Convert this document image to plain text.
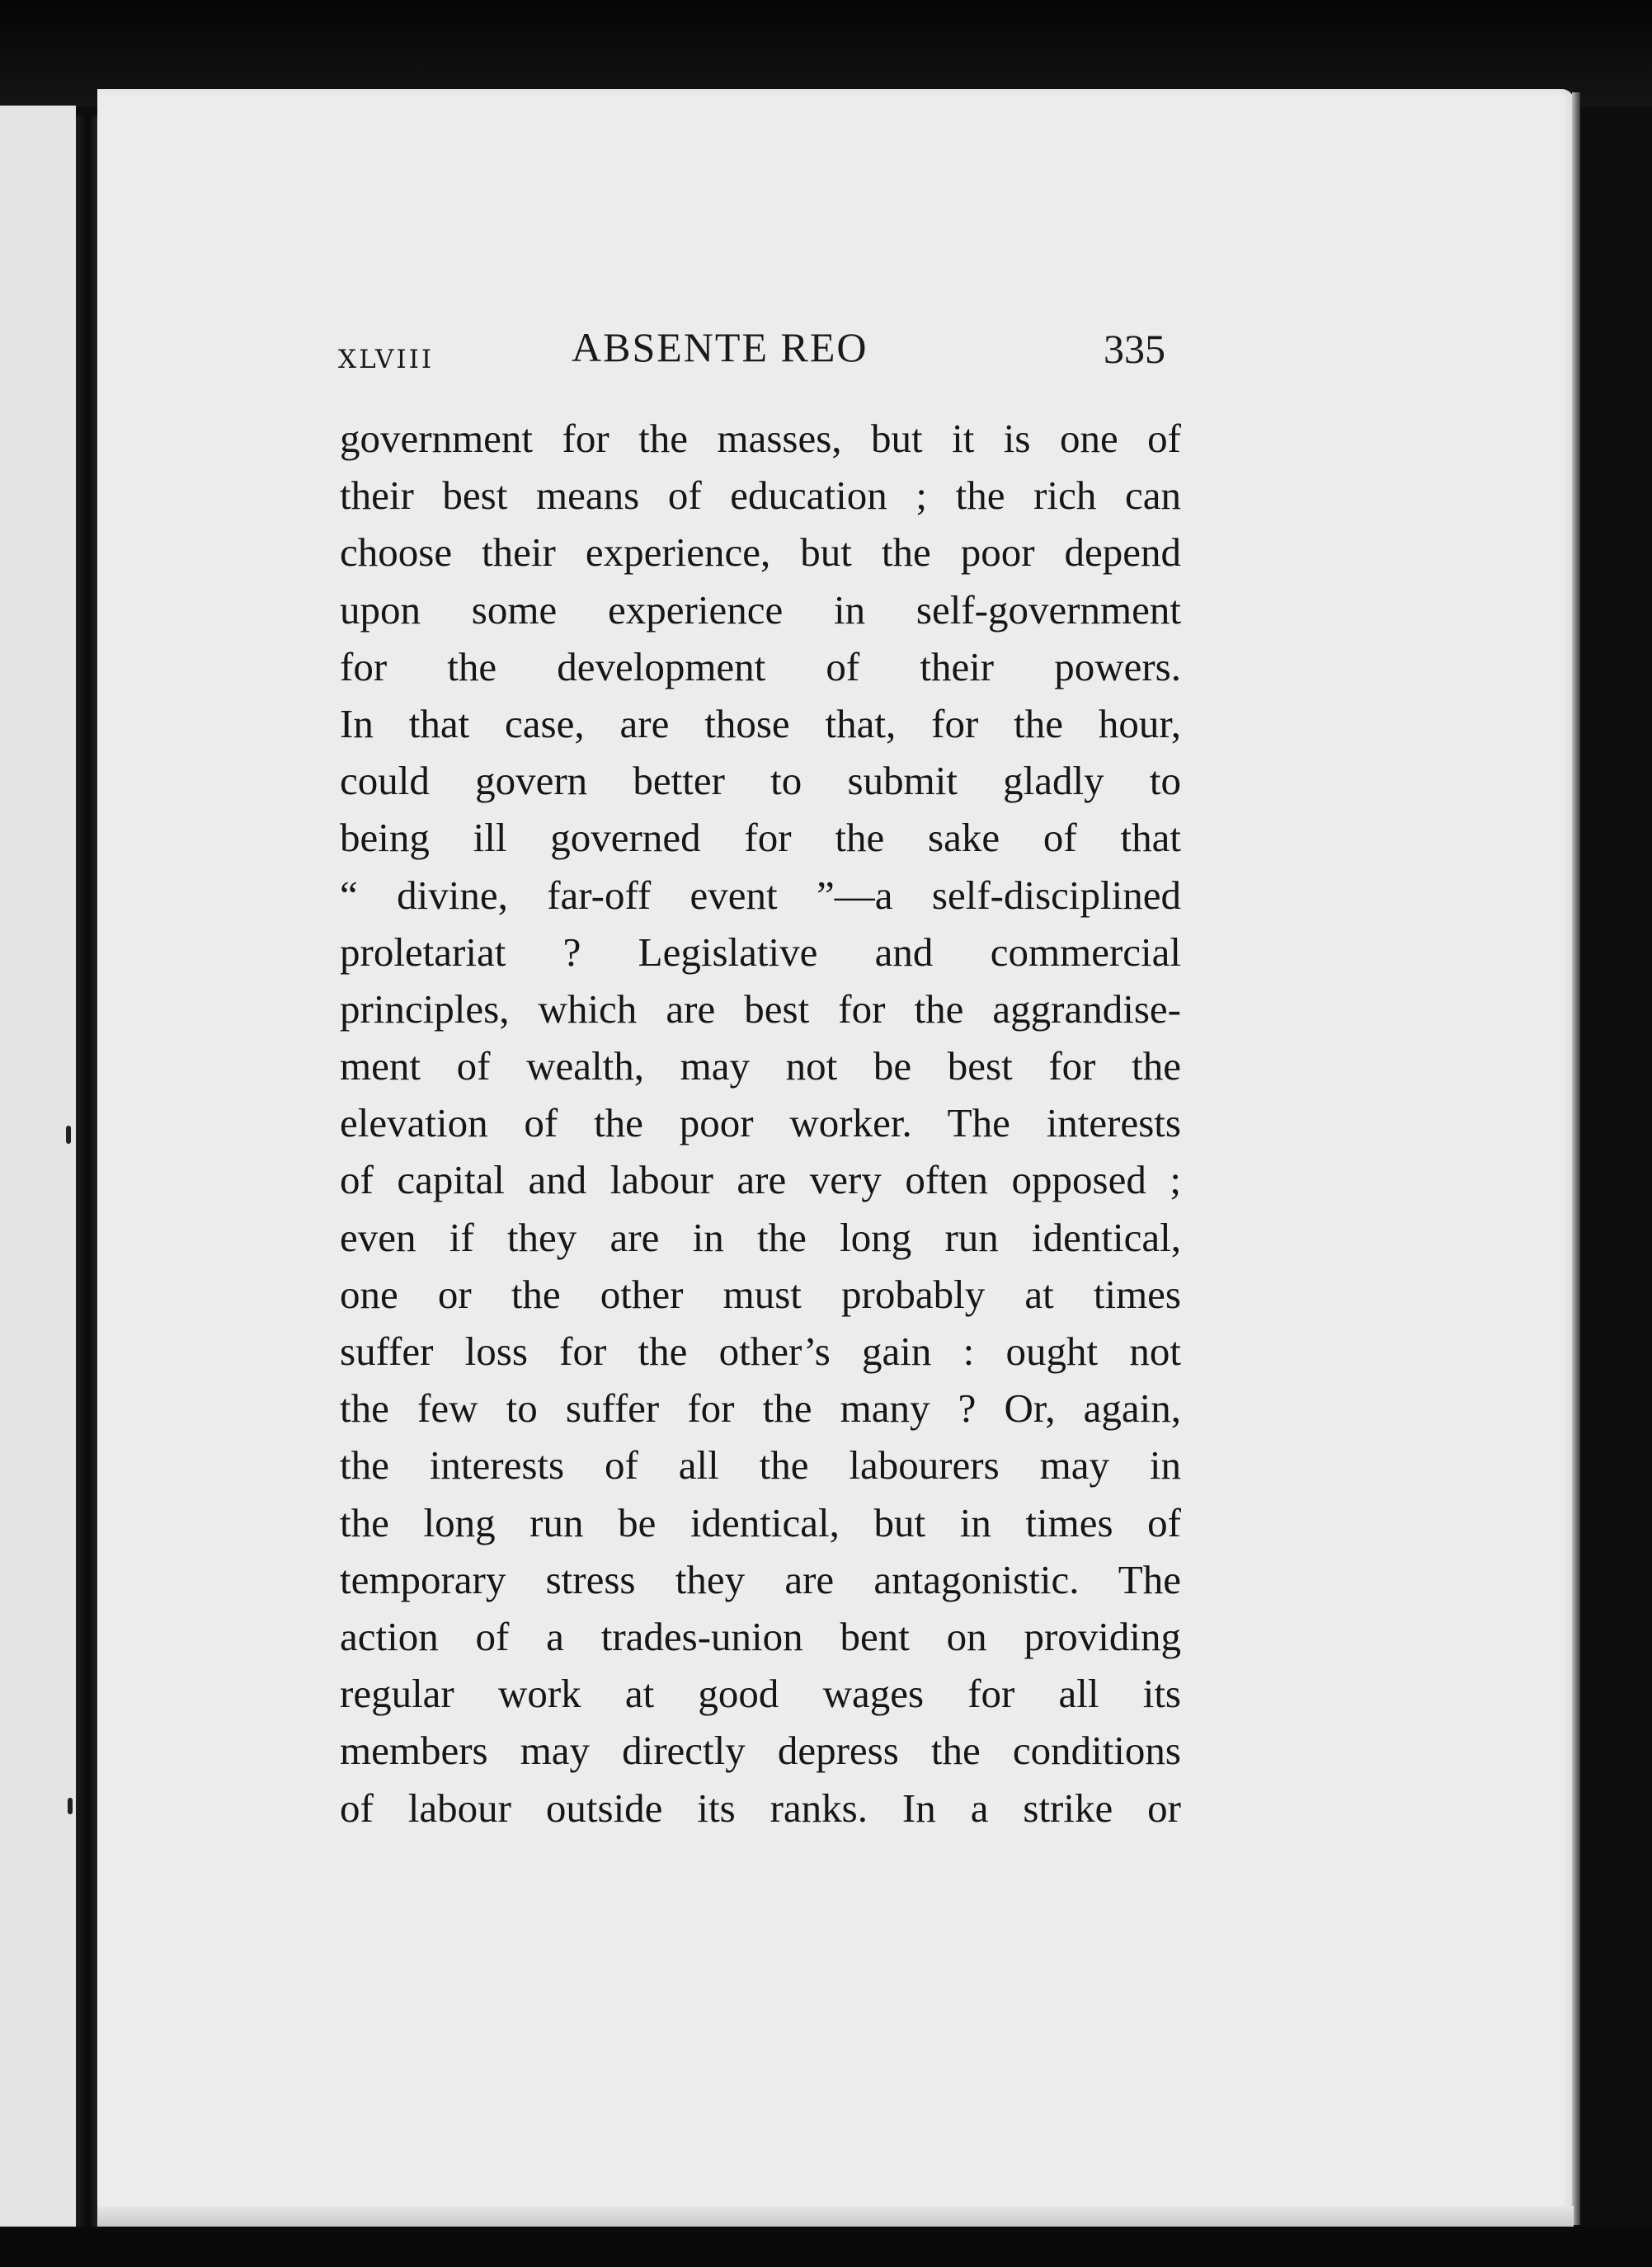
XLVIII	ABSENTE REO	335
government for the masses, but it is one of
their best means of education ; the rich can
choose their experience, but the poor depend
upon some experience in self-government
for the development of their powers.
In that case, are those that, for the hour,
could govern better to submit gladly to
being ill governed for the sake of that
“ divine, far-off event ”—a self-disciplined
proletariat ? Legislative and commercial
principles, which are best for the aggrandise-
ment of wealth, may not be best for the
elevation of the poor worker. The interests
of capital and labour are very often opposed ;
even if they are in the long run identical,
one or the other must probably at times
suffer loss for the other’s gain : ought not
the few to suffer for the many ? Or, again,
the interests of all the labourers may in
the long run be identical, but in times of
temporary stress they are antagonistic. The
action of a trades-union bent on providing
regular work at good wages for all its
members may directly depress the conditions
of labour outside its ranks. In a strike or
